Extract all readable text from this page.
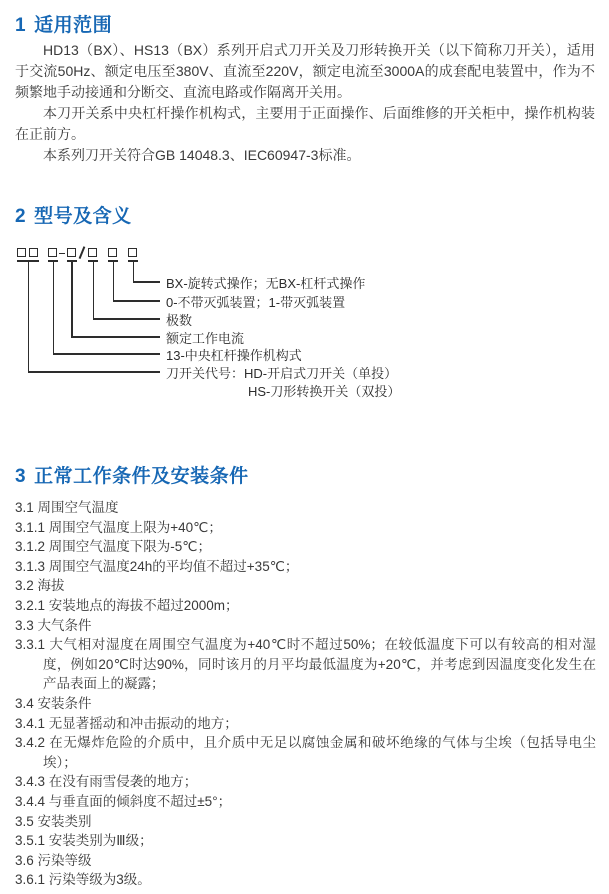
1 适用范围

HD13（BX）、HS13（BX）系列开启式刀开关及刀形转换开关（以下简称刀开关），适用于交流50Hz、额定电压至380V、直流至220V，额定电流至3000A的成套配电装置中，作为不频繁地手动接通和分断交、直流电路或作隔离开关用。

本刀开关系中央杠杆操作机构式，主要用于正面操作、后面维修的开关柜中，操作机构装在正前方。

本系列刀开关符合GB 14048.3、IEC60947-3标准。

2 型号及含义
BX-旋转式操作；无BX-杠杆式操作
0-不带灭弧装置；1-带灭弧装置
极数
额定工作电流
13-中央杠杆操作机构式
刀开关代号：HD-开启式刀开关（单投）
HS-刀形转换开关（双投）
3 正常工作条件及安装条件
3.1 周围空气温度
3.1.1 周围空气温度上限为+40℃；
3.1.2 周围空气温度下限为-5℃；
3.1.3 周围空气温度24h的平均值不超过+35℃；
3.2 海拔
3.2.1 安装地点的海拔不超过2000m；
3.3 大气条件
3.3.1 大气相对湿度在周围空气温度为+40℃时不超过50%；在较低温度下可以有较高的相对湿度，例如20℃时达90%，同时该月的月平均最低温度为+20℃，并考虑到因温度变化发生在产品表面上的凝露；
3.4 安装条件
3.4.1 无显著摇动和冲击振动的地方；
3.4.2 在无爆炸危险的介质中，且介质中无足以腐蚀金属和破坏绝缘的气体与尘埃（包括导电尘埃）；
3.4.3 在没有雨雪侵袭的地方；
3.4.4 与垂直面的倾斜度不超过±5°；
3.5 安装类别
3.5.1 安装类别为Ⅲ级；
3.6 污染等级
3.6.1 污染等级为3级。
